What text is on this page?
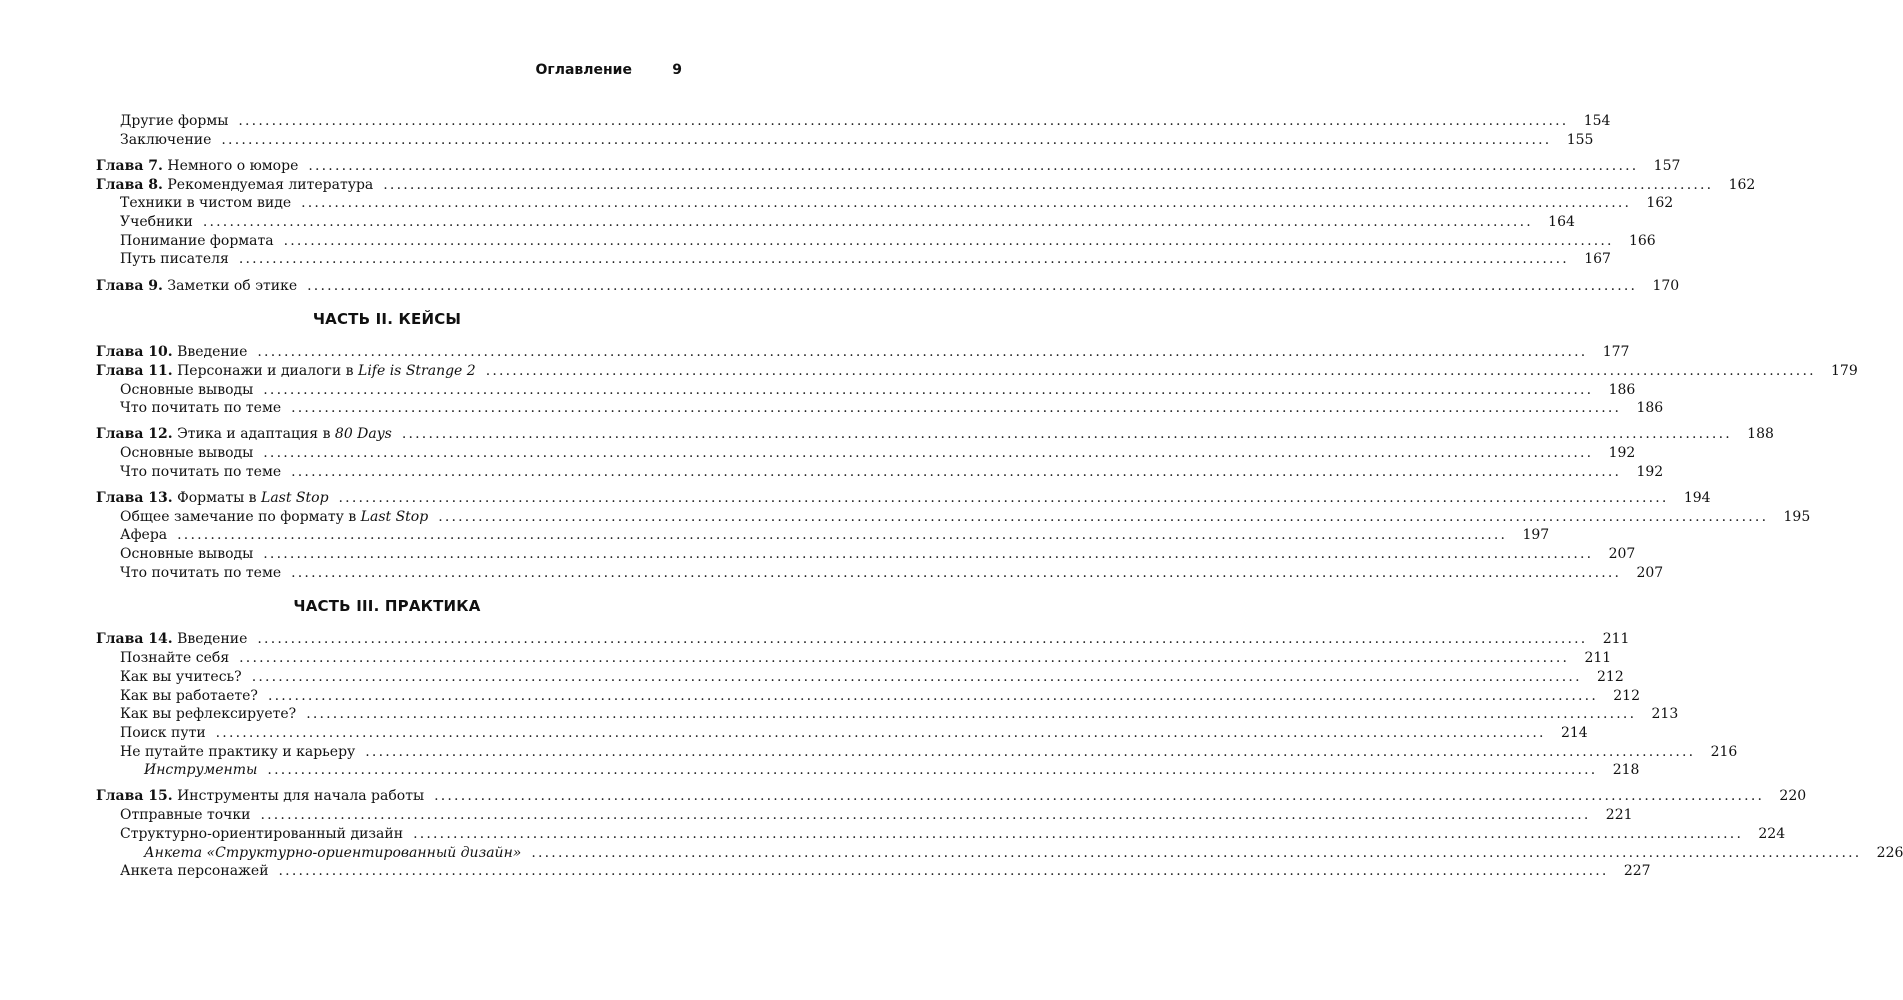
Оглавление	9
Другие формы ........................................................................................................................................................................................................	154
Заключение ........................................................................................................................................................................................................	155
Глава 7. Немного о юморе ........................................................................................................................................................................................................	157
Глава 8. Рекомендуемая литература ........................................................................................................................................................................................................	162
Техники в чистом виде ........................................................................................................................................................................................................	162
Учебники ........................................................................................................................................................................................................	164
Понимание формата ........................................................................................................................................................................................................	166
Путь писателя ........................................................................................................................................................................................................	167
Глава 9. Заметки об этике ........................................................................................................................................................................................................	170
ЧАСТЬ II. КЕЙСЫ
Глава 10. Введение ........................................................................................................................................................................................................	177
Глава 11. Персонажи и диалоги в Life is Strange 2 ........................................................................................................................................................................................................	179
Основные выводы ........................................................................................................................................................................................................	186
Что почитать по теме ........................................................................................................................................................................................................	186
Глава 12. Этика и адаптация в 80 Days ........................................................................................................................................................................................................	188
Основные выводы ........................................................................................................................................................................................................	192
Что почитать по теме ........................................................................................................................................................................................................	192
Глава 13. Форматы в Last Stop ........................................................................................................................................................................................................	194
Общее замечание по формату в Last Stop ........................................................................................................................................................................................................	195
Афера ........................................................................................................................................................................................................	197
Основные выводы ........................................................................................................................................................................................................	207
Что почитать по теме ........................................................................................................................................................................................................	207
ЧАСТЬ III. ПРАКТИКА
Глава 14. Введение ........................................................................................................................................................................................................	211
Познайте себя ........................................................................................................................................................................................................	211
Как вы учитесь? ........................................................................................................................................................................................................	212
Как вы работаете? ........................................................................................................................................................................................................	212
Как вы рефлексируете? ........................................................................................................................................................................................................	213
Поиск пути ........................................................................................................................................................................................................	214
Не путайте практику и карьеру ........................................................................................................................................................................................................	216
Инструменты ........................................................................................................................................................................................................	218
Глава 15. Инструменты для начала работы ........................................................................................................................................................................................................	220
Отправные точки ........................................................................................................................................................................................................	221
Структурно-ориентированный дизайн ........................................................................................................................................................................................................	224
Анкета «Структурно-ориентированный дизайн» ........................................................................................................................................................................................................	226
Анкета персонажей ........................................................................................................................................................................................................	227
